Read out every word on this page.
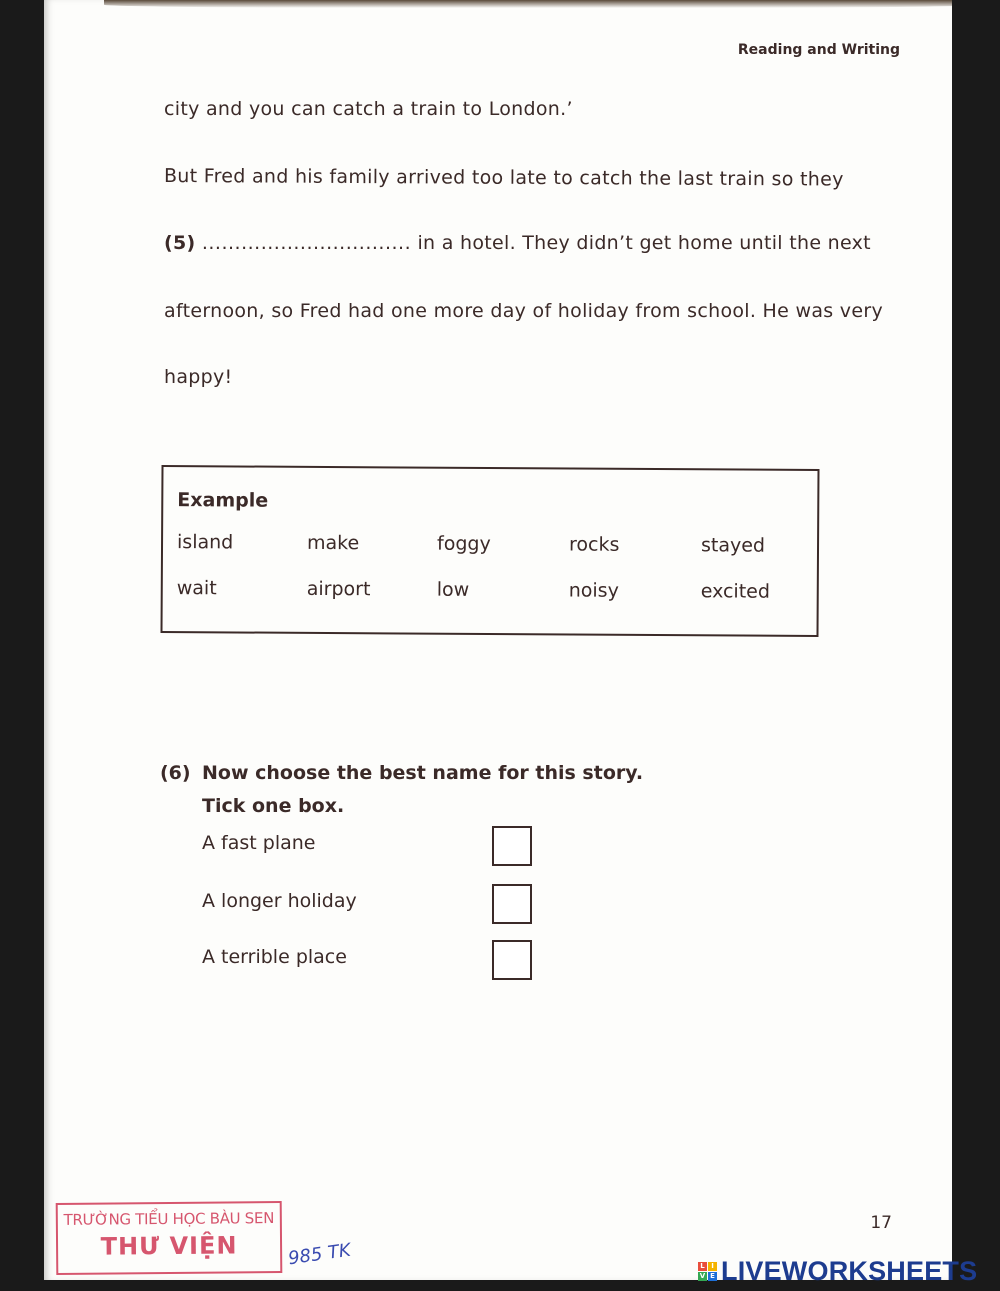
Reading and Writing
city and you can catch a train to London.’
But Fred and his family arrived too late to catch the last train so they
(5) ................................ in a hotel. They didn’t get home until the next
afternoon, so Fred had one more day of holiday from school. He was very
happy!
Example
island	make	foggy	rocks	stayed
wait	airport	low	noisy	excited
(6) Now choose the best name for this story.
Tick one box.
A fast plane
A longer holiday
A terrible place
17
TRƯỜNG TIỂU HỌC BÀU SEN
THƯ VIỆN	985 TK	L I
V E LIVEWORKSHEETS
